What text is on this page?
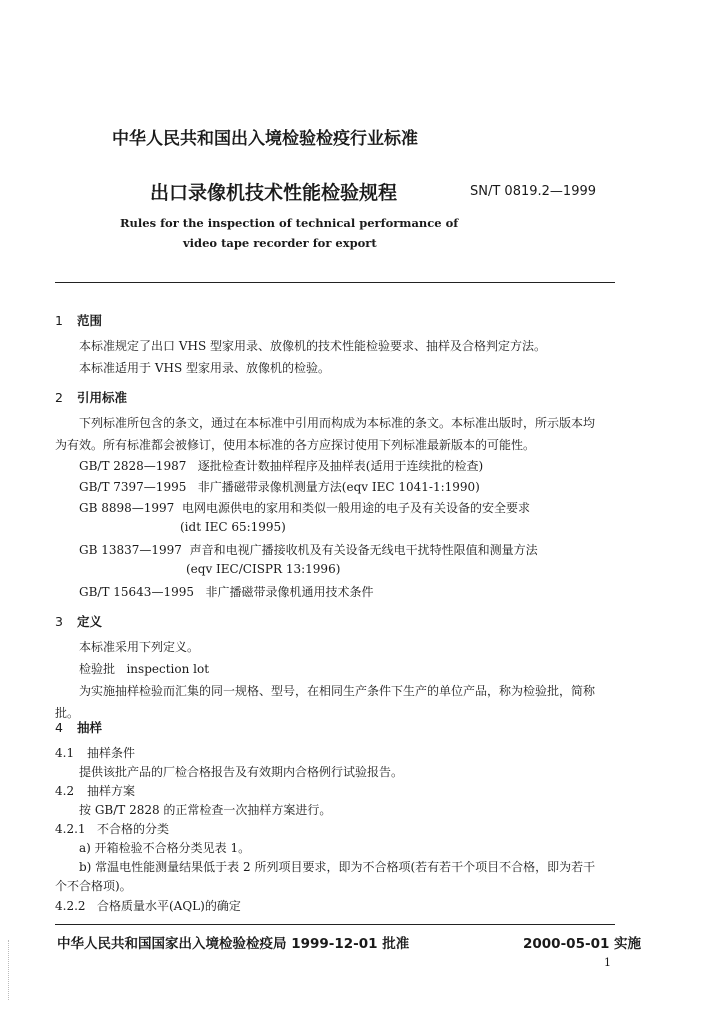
中华人民共和国出入境检验检疫行业标准
出口录像机技术性能检验规程	SN/T 0819.2—1999
Rules for the inspection of technical performance of
video tape recorder for export
1 范围
本标准规定了出口 VHS 型家用录、放像机的技术性能检验要求、抽样及合格判定方法。
本标准适用于 VHS 型家用录、放像机的检验。
2 引用标准
下列标准所包含的条文，通过在本标准中引用而构成为本标准的条文。本标准出版时，所示版本均
为有效。所有标准都会被修订，使用本标准的各方应探讨使用下列标准最新版本的可能性。
GB/T 2828—1987 逐批检查计数抽样程序及抽样表(适用于连续批的检查)
GB/T 7397—1995 非广播磁带录像机测量方法(eqv IEC 1041-1:1990)
GB 8898—1997 电网电源供电的家用和类似一般用途的电子及有关设备的安全要求
(idt IEC 65:1995)
GB 13837—1997 声音和电视广播接收机及有关设备无线电干扰特性限值和测量方法
(eqv IEC/CISPR 13:1996)
GB/T 15643—1995 非广播磁带录像机通用技术条件
3 定义
本标准采用下列定义。
检验批 inspection lot
为实施抽样检验而汇集的同一规格、型号，在相同生产条件下生产的单位产品，称为检验批，简称
批。
4 抽样
4.1 抽样条件
提供该批产品的厂检合格报告及有效期内合格例行试验报告。
4.2 抽样方案
按 GB/T 2828 的正常检查一次抽样方案进行。
4.2.1 不合格的分类
a) 开箱检验不合格分类见表 1。
b) 常温电性能测量结果低于表 2 所列项目要求，即为不合格项(若有若干个项目不合格，即为若干
中华人民共和国国家出入境检验检疫局 1999-12-01 批准	2000-05-01 实施
1
个不合格项)。
4.2.2 合格质量水平(AQL)的确定
